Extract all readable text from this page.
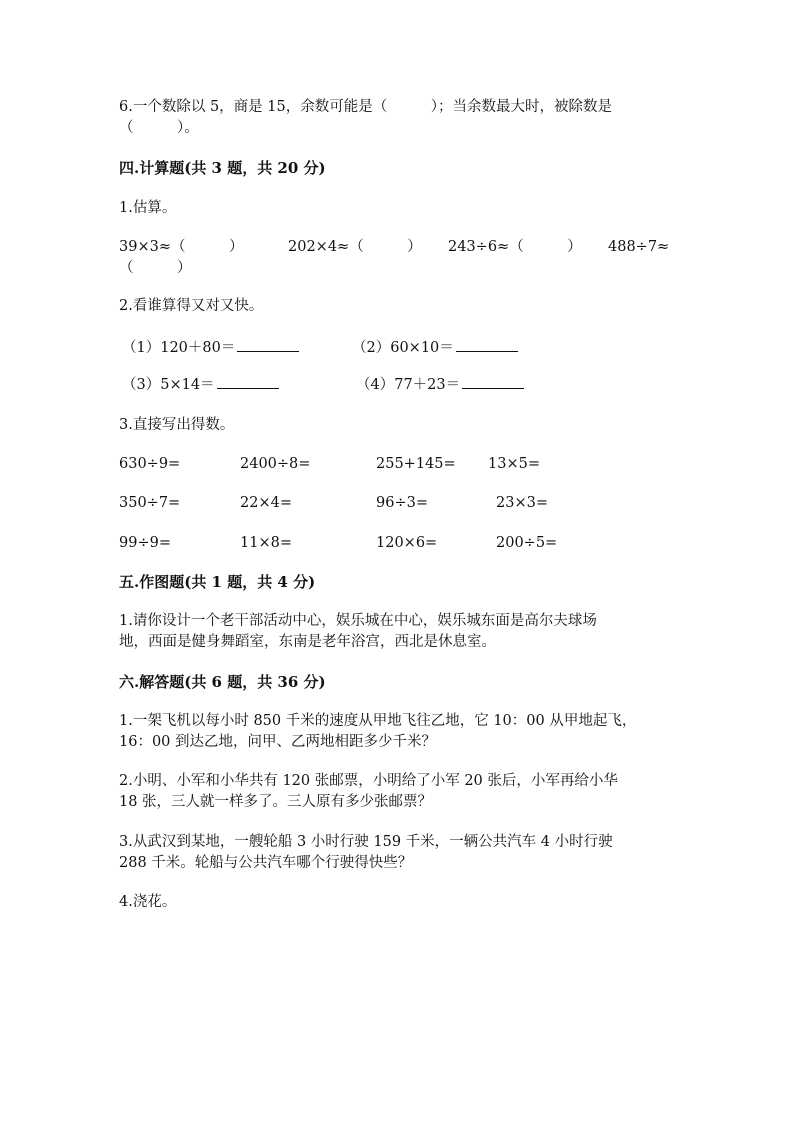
6.一个数除以 5，商是 15，余数可能是（　　　）；当余数最大时，被除数是
（　　　）。
四.计算题(共 3 题，共 20 分)
1.估算。
39×3≈（　　　）	202×4≈（　　　） 243÷6≈（　　　） 488÷7≈
（　　　）
2.看谁算得又对又快。
（1）120＋80＝	（2）60×10＝
（3）5×14＝	（4）77＋23＝
3.直接写出得数。
630÷9=	2400÷8=	255+145= 13×5=
350÷7=	22×4=	96÷3=	23×3=
99÷9=	11×8=	120×6=	200÷5=
五.作图题(共 1 题，共 4 分)
1.请你设计一个老干部活动中心，娱乐城在中心，娱乐城东面是高尔夫球场
地，西面是健身舞蹈室，东南是老年浴宫，西北是休息室。
六.解答题(共 6 题，共 36 分)
1.一架飞机以每小时 850 千米的速度从甲地飞往乙地，它 10：00 从甲地起飞，
16：00 到达乙地，问甲、乙两地相距多少千米？
2.小明、小军和小华共有 120 张邮票，小明给了小军 20 张后，小军再给小华
18 张，三人就一样多了。三人原有多少张邮票？
3.从武汉到某地，一艘轮船 3 小时行驶 159 千米，一辆公共汽车 4 小时行驶
288 千米。轮船与公共汽车哪个行驶得快些？
4.浇花。
